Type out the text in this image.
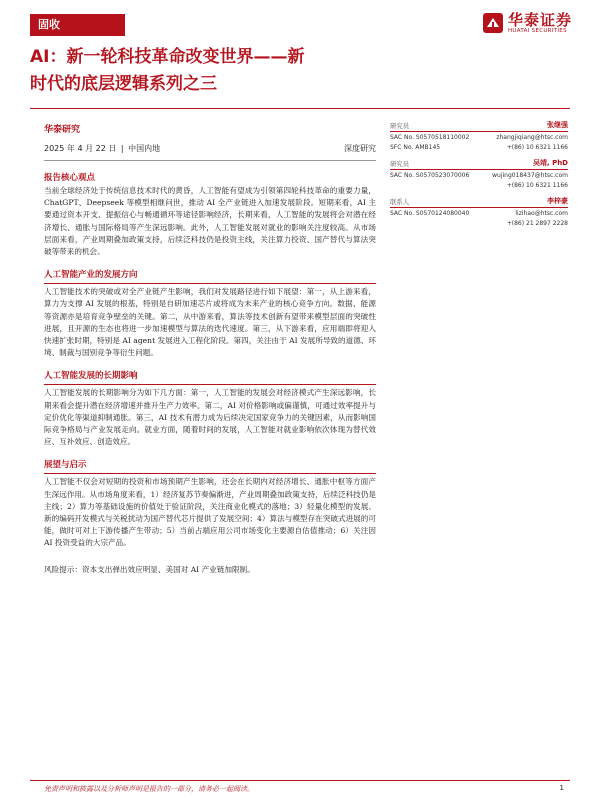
固收	华泰证券
HUATAI SECURITIES
AI：新一轮科技革命改变世界——新
时代的底层逻辑系列之三
华泰研究
2025 年 4 月 22 日 | 中国内地	深度研究
报告核心观点
当前全球经济处于传统信息技术时代的黄昏，人工智能有望成为引领第四轮科技革命的重要力量，ChatGPT、Deepseek 等模型相继问世，推动 AI 全产业链进入加速发展阶段。短期来看，AI 主要通过资本开支、提振信心与畅通循环等途径影响经济，长期来看，人工智能的发展将会对潜在经济增长、通胀与国际格局等产生深远影响。此外，人工智能发展对就业的影响关注度较高。从市场层面来看，产业周期叠加政策支持，后续泛科技仍是投资主线，关注算力投资、国产替代与算法突破等带来的机会。
人工智能产业的发展方向
人工智能技术的突破或对全产业链产生影响，我们对发展路径进行如下展望：第一，从上游来看，算力为支撑 AI 发展的根基，特别是自研加速芯片或将成为未来产业的核心竞争方向。数据、能源等资源亦是培育竞争壁垒的关键。第二，从中游来看，算法等技术创新有望带来模型层面的突破性进展，且开源的生态也将进一步加速模型与算法的迭代速度。第三，从下游来看，应用端即将迎入快速扩张时期，特别是 AI agent 发展进入工程化阶段。第四，关注由于 AI 发展所导致的道德、环境、制裁与国别竞争等衍生问题。
人工智能发展的长期影响
人工智能发展的长期影响分为如下几方面：第一，人工智能的发展会对经济模式产生深远影响，长期来看会提升潜在经济增速并推升生产力效率。第二，AI 对价格影响或偏谨慎，可通过效率提升与定价优化等渠道抑制通胀。第三，AI 技术有潜力成为后续决定国家竞争力的关键因素，从而影响国际竞争格局与产业发展走向。就业方面，随着时间的发展，人工智能对就业影响依次体现为替代效应、互补效应、创造效应。
展望与启示
人工智能不仅会对短期的投资和市场预期产生影响，还会在长期内对经济增长、通胀中枢等方面产生深远作用。从市场角度来看，1）经济复苏节奏偏渐进，产业周期叠加政策支持，后续泛科技仍是主线；2）算力等基础设施的价值处于验证阶段，关注商业化模式的落地；3）轻量化模型的发展、新的编码开发模式与关税扰动为国产替代芯片提供了发展空间；4）算法与模型存在突破式进展的可能，做时可对上下游传播产生带动；5）当前占端应用公司市场变化主要源自估值推动；6）关注因 AI 投资受益的大宗产品。
风险提示：资本支出弹出效应明显、美国对 AI 产业链加限制。
研究员	张继强
SAC No. S0570518110002	zhangjiqiang@htsc.com
SFC No. AMB145	+(86) 10 6321 1166
研究员	吴靖, PhD
SAC No. S0570523070006	wujing018437@htsc.com
+(86) 10 6321 1166
联系人	李梓豪
SAC No. S0570124080040	lizihao@htsc.com
+(86) 21 2897 2228
免责声明和披露以及分析师声明是报告的一部分，请务必一起阅读。	1
